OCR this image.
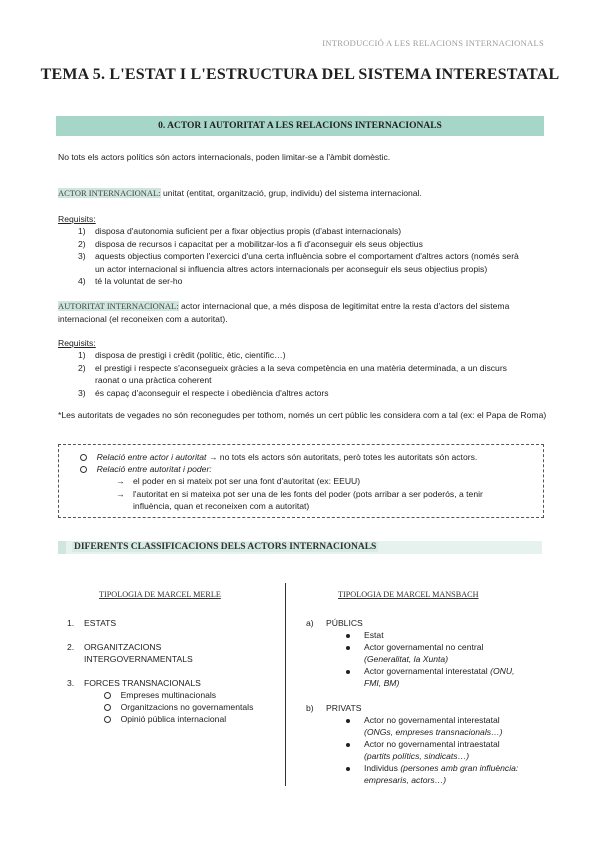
INTRODUCCIÓ A LES RELACIONS INTERNACIONALS
TEMA 5. L'ESTAT I L'ESTRUCTURA DEL SISTEMA INTERESTATAL
0. ACTOR I AUTORITAT A LES RELACIONS INTERNACIONALS
No tots els actors polítics són actors internacionals, poden limitar-se a l'àmbit domèstic.
ACTOR INTERNACIONAL: unitat (entitat, organització, grup, individu) del sistema internacional.
Requisits:
1)	disposa d'autonomia suficient per a fixar objectius propis (d'abast internacionals)
2)	disposa de recursos i capacitat per a mobilitzar-los a fi d'aconseguir els seus objectius
3)	aquests objectius comporten l'exercici d'una certa influència sobre el comportament d'altres actors (només serà un actor internacional si influencia altres actors internacionals per aconseguir els seus objectius propis)
4)	té la voluntat de ser-ho
AUTORITAT INTERNACIONAL: actor internacional que, a més disposa de legitimitat entre la resta d'actors del sistema internacional (el reconeixen com a autoritat).
Requisits:
1)	disposa de prestigi i crèdit (polític, ètic, científic…)
2)	el prestigi i respecte s'aconsegueix gràcies a la seva competència en una matèria determinada, a un discurs raonat o una pràctica coherent
3)	és capaç d'aconseguir el respecte i obediència d'altres actors
*Les autoritats de vegades no són reconegudes per tothom, només un cert públic les considera com a tal (ex: el Papa de Roma)
Relació entre actor i autoritat → no tots els actors són autoritats, però totes les autoritats són actors.
Relació entre autoritat i poder:
→ el poder en si mateix pot ser una font d'autoritat (ex: EEUU)
→ l'autoritat en si mateixa pot ser una de les fonts del poder (pots arribar a ser poderós, a tenir influència, quan et reconeixen com a autoritat)
DIFERENTS CLASSIFICACIONS DELS ACTORS INTERNACIONALS
TIPOLOGIA DE MARCEL MERLE	TIPOLOGIA DE MARCEL MANSBACH
1. ESTATS
2. ORGANITZACIONS
INTERGOVERNAMENTALS
3. FORCES TRANSNACIONALS
Empreses multinacionals
Organitzacions no governamentals
Opinió pública internacional
a) PÚBLICS
Estat
Actor governamental no central
(Generalitat, la Xunta)
Actor governamental interestatal (ONU,
FMI, BM)
b) PRIVATS
Actor no governamental interestatal
(ONGs, empreses transnacionals…)
Actor no governamental intraestatal
(partits polítics, sindicats…)
Individus (persones amb gran influència:
empresaris, actors…)
